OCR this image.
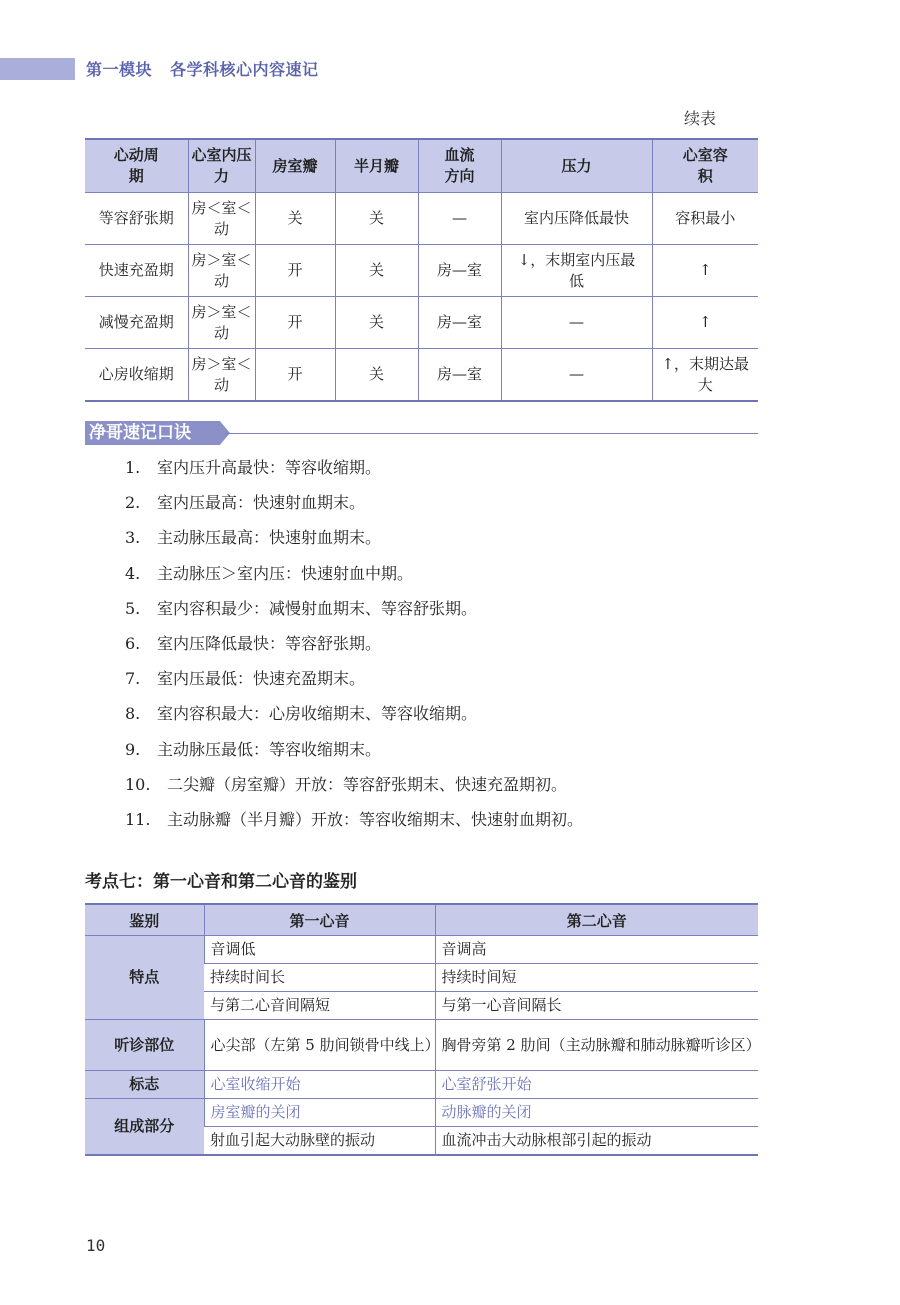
第一模块 各学科核心内容速记
续表
心动周期	心室内压力	房室瓣	半月瓣	血流方向	压力	心室容积
等容舒张期	房＜室＜动	关	关	—	室内压降低最快	容积最小
快速充盈期	房＞室＜动	开	关	房—室	↓，末期室内压最低	↑
减慢充盈期	房＞室＜动	开	关	房—室	—	↑
心房收缩期	房＞室＜动	开	关	房—室	—	↑，末期达最大
净哥速记口诀
1. 室内压升高最快：等容收缩期。
2. 室内压最高：快速射血期末。
3. 主动脉压最高：快速射血期末。
4. 主动脉压＞室内压：快速射血中期。
5. 室内容积最少：减慢射血期末、等容舒张期。
6. 室内压降低最快：等容舒张期。
7. 室内压最低：快速充盈期末。
8. 室内容积最大：心房收缩期末、等容收缩期。
9. 主动脉压最低：等容收缩期末。
10. 二尖瓣（房室瓣）开放：等容舒张期末、快速充盈期初。
11. 主动脉瓣（半月瓣）开放：等容收缩期末、快速射血期初。
考点七：第一心音和第二心音的鉴别
鉴别	第一心音	第二心音
特点	音调低	音调高
	持续时间长	持续时间短
	与第二心音间隔短	与第一心音间隔长
听诊部位	心尖部（左第 5 肋间锁骨中线上）	胸骨旁第 2 肋间（主动脉瓣和肺动脉瓣听诊区）
标志	心室收缩开始	心室舒张开始
组成部分	房室瓣的关闭	动脉瓣的关闭
	射血引起大动脉壁的振动	血流冲击大动脉根部引起的振动
10
